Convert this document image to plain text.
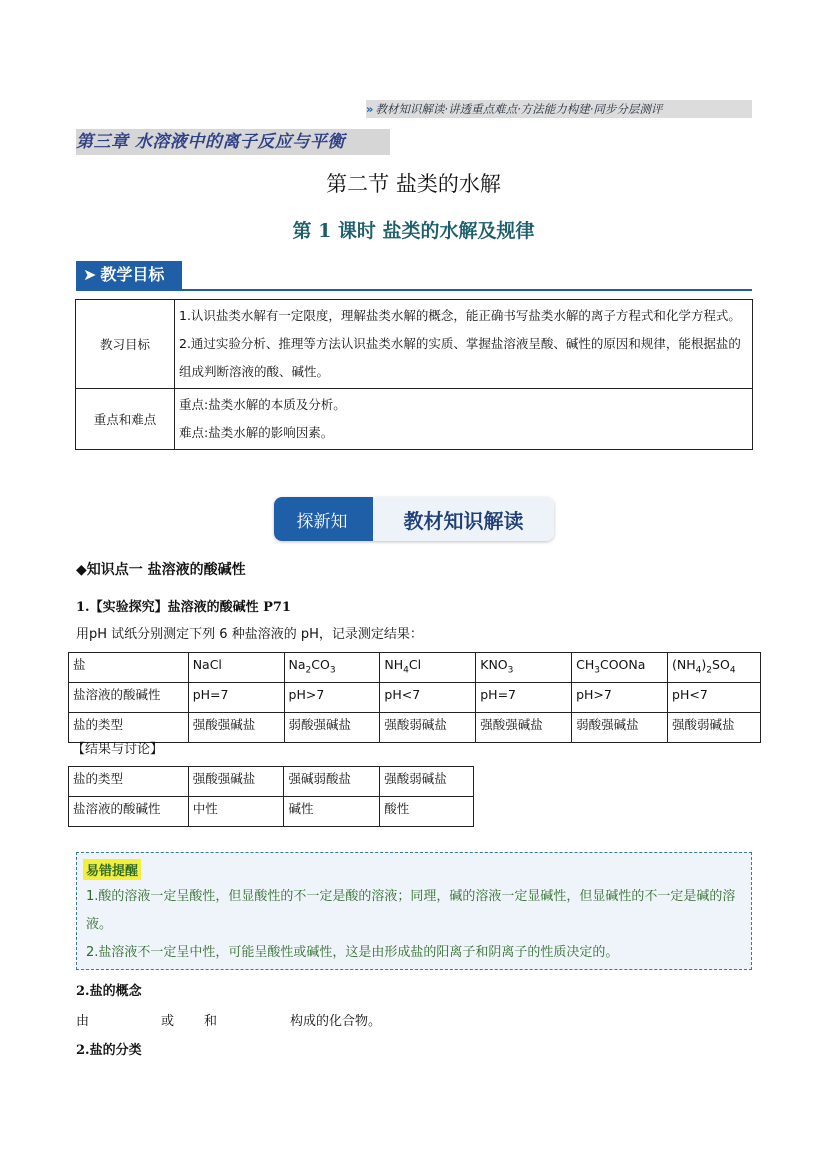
» 教材知识解读·讲透重点难点·方法能力构建·同步分层测评
第三章 水溶液中的离子反应与平衡
第二节 盐类的水解
第 1 课时 盐类的水解及规律
➤ 教学目标
教习目标	1.认识盐类水解有一定限度，理解盐类水解的概念，能正确书写盐类水解的离子方程式和化学方程式。
2.通过实验分析、推理等方法认识盐类水解的实质、掌握盐溶液呈酸、碱性的原因和规律，能根据盐的组成判断溶液的酸、碱性。

重点和难点	重点:盐类水解的本质及分析。
难点:盐类水解的影响因素。
探新知	教材知识解读
◆知识点一 盐溶液的酸碱性
1.【实验探究】盐溶液的酸碱性 P71
用pH 试纸分别测定下列 6 种盐溶液的 pH，记录测定结果：
盐	NaCl	$Na_2CO_3$	$NH_4Cl$	$KNO_3$	$CH_3COONa$	$(NH_4)_2SO_4$
盐溶液的酸碱性	pH=7	pH>7	pH<7	pH=7	pH>7	pH<7
盐的类型	强酸强碱盐	弱酸强碱盐	强酸弱碱盐	强酸强碱盐	弱酸强碱盐	强酸弱碱盐
【结果与讨论】
盐的类型	强酸强碱盐	强碱弱酸盐	强酸弱碱盐
盐溶液的酸碱性	中性	碱性	酸性
易错提醒
1.酸的溶液一定呈酸性，但显酸性的不一定是酸的溶液；同理，碱的溶液一定显碱性，但显碱性的不一定是碱的溶液。
2.盐溶液不一定呈中性，可能呈酸性或碱性，这是由形成盐的阳离子和阴离子的性质决定的。
2.盐的概念
由	或 和	构成的化合物。
2.盐的分类
